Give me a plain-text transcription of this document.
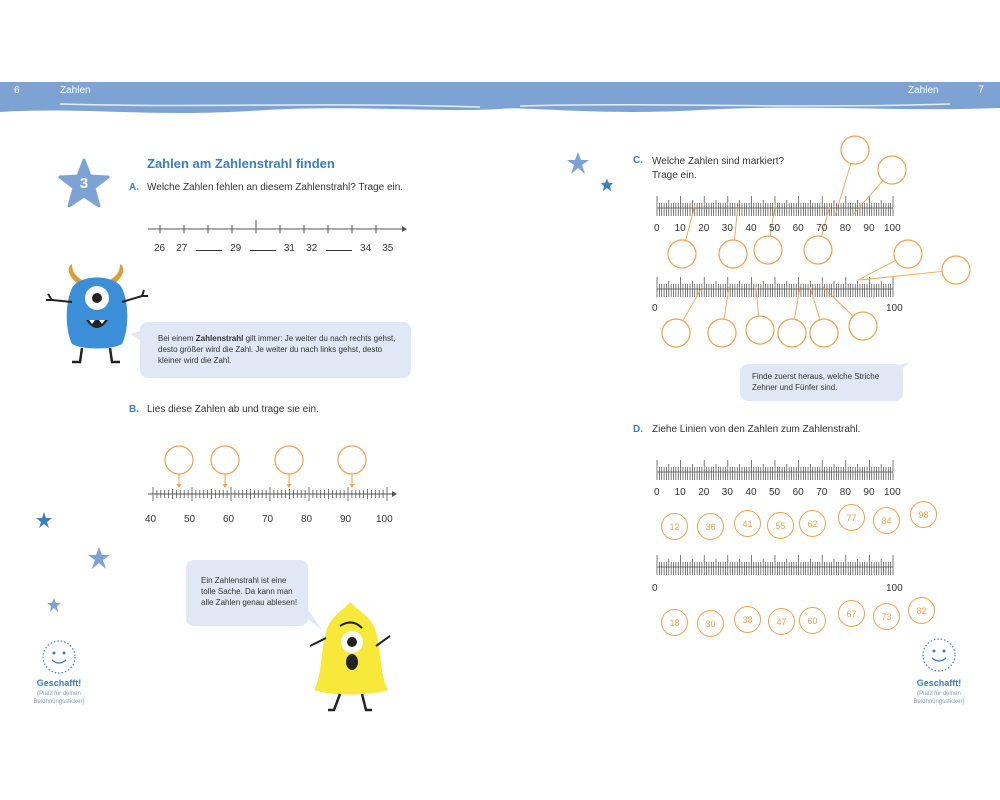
6	Zahlen	Zahlen	7
3
Zahlen am Zahlenstrahl finden
A. Welche Zahlen fehlen an diesem Zahlenstrahl? Trage ein.
26 27	29	31 32	34 35
Bei einem Zahlenstrahl gilt immer: Je weiter du nach rechts gehst, desto größer wird die Zahl. Je weiter du nach links gehst, desto kleiner wird die Zahl.
B. Lies diese Zahlen ab und trage sie ein.
40	50	60	70	80	90 100
Ein Zahlenstrahl ist eine tolle Sache. Da kann man alle Zahlen genau ablesen!
Geschafft!
(Platz für deinen Belohnungssticker)
C. Welche Zahlen sind markiert? Trage ein.
0 10 20 30 40 50 60 70 80 90 100
0	100
Finde zuerst heraus, welche Striche Zehner und Fünfer sind.
D. Ziehe Linien von den Zahlen zum Zahlenstrahl.
0 10 20 30 40 50 60 70 80 90 100
0	100
12	36	41	55	62
77	84
98
18	30	38	47	60
67	73
82
Geschafft!
(Platz für deinen Belohnungssticker)
